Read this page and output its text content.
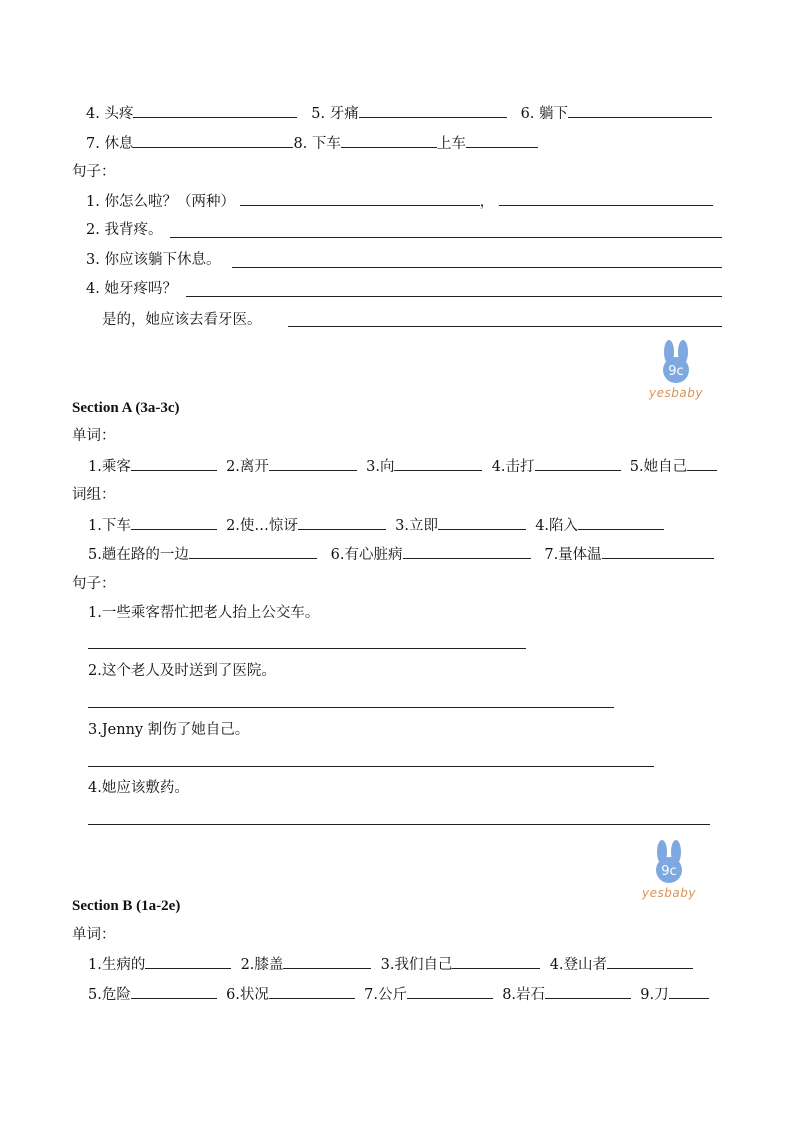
4. 头疼	5. 牙痛	6. 躺下
7. 休息	8. 下车	上车
句子：
1. 你怎么啦？（两种）	，
2. 我背疼。
3. 你应该躺下休息。
4. 她牙疼吗？
是的，她应该去看牙医。
9c
yesbaby
Section A (3a-3c)
单词：
1.乘客	2.离开	3.向	4.击打	5.她自己
词组：
1.下车	2.使…惊讶	3.立即	4.陷入
5.趟在路的一边	6.有心脏病	7.量体温
句子：
1.一些乘客帮忙把老人抬上公交车。
2.这个老人及时送到了医院。
3.Jenny 割伤了她自己。
4.她应该敷药。
9c
yesbaby
Section B (1a-2e)
单词：
1.生病的	2.膝盖	3.我们自己	4.登山者
5.危险	6.状况	7.公斤	8.岩石	9.刀
